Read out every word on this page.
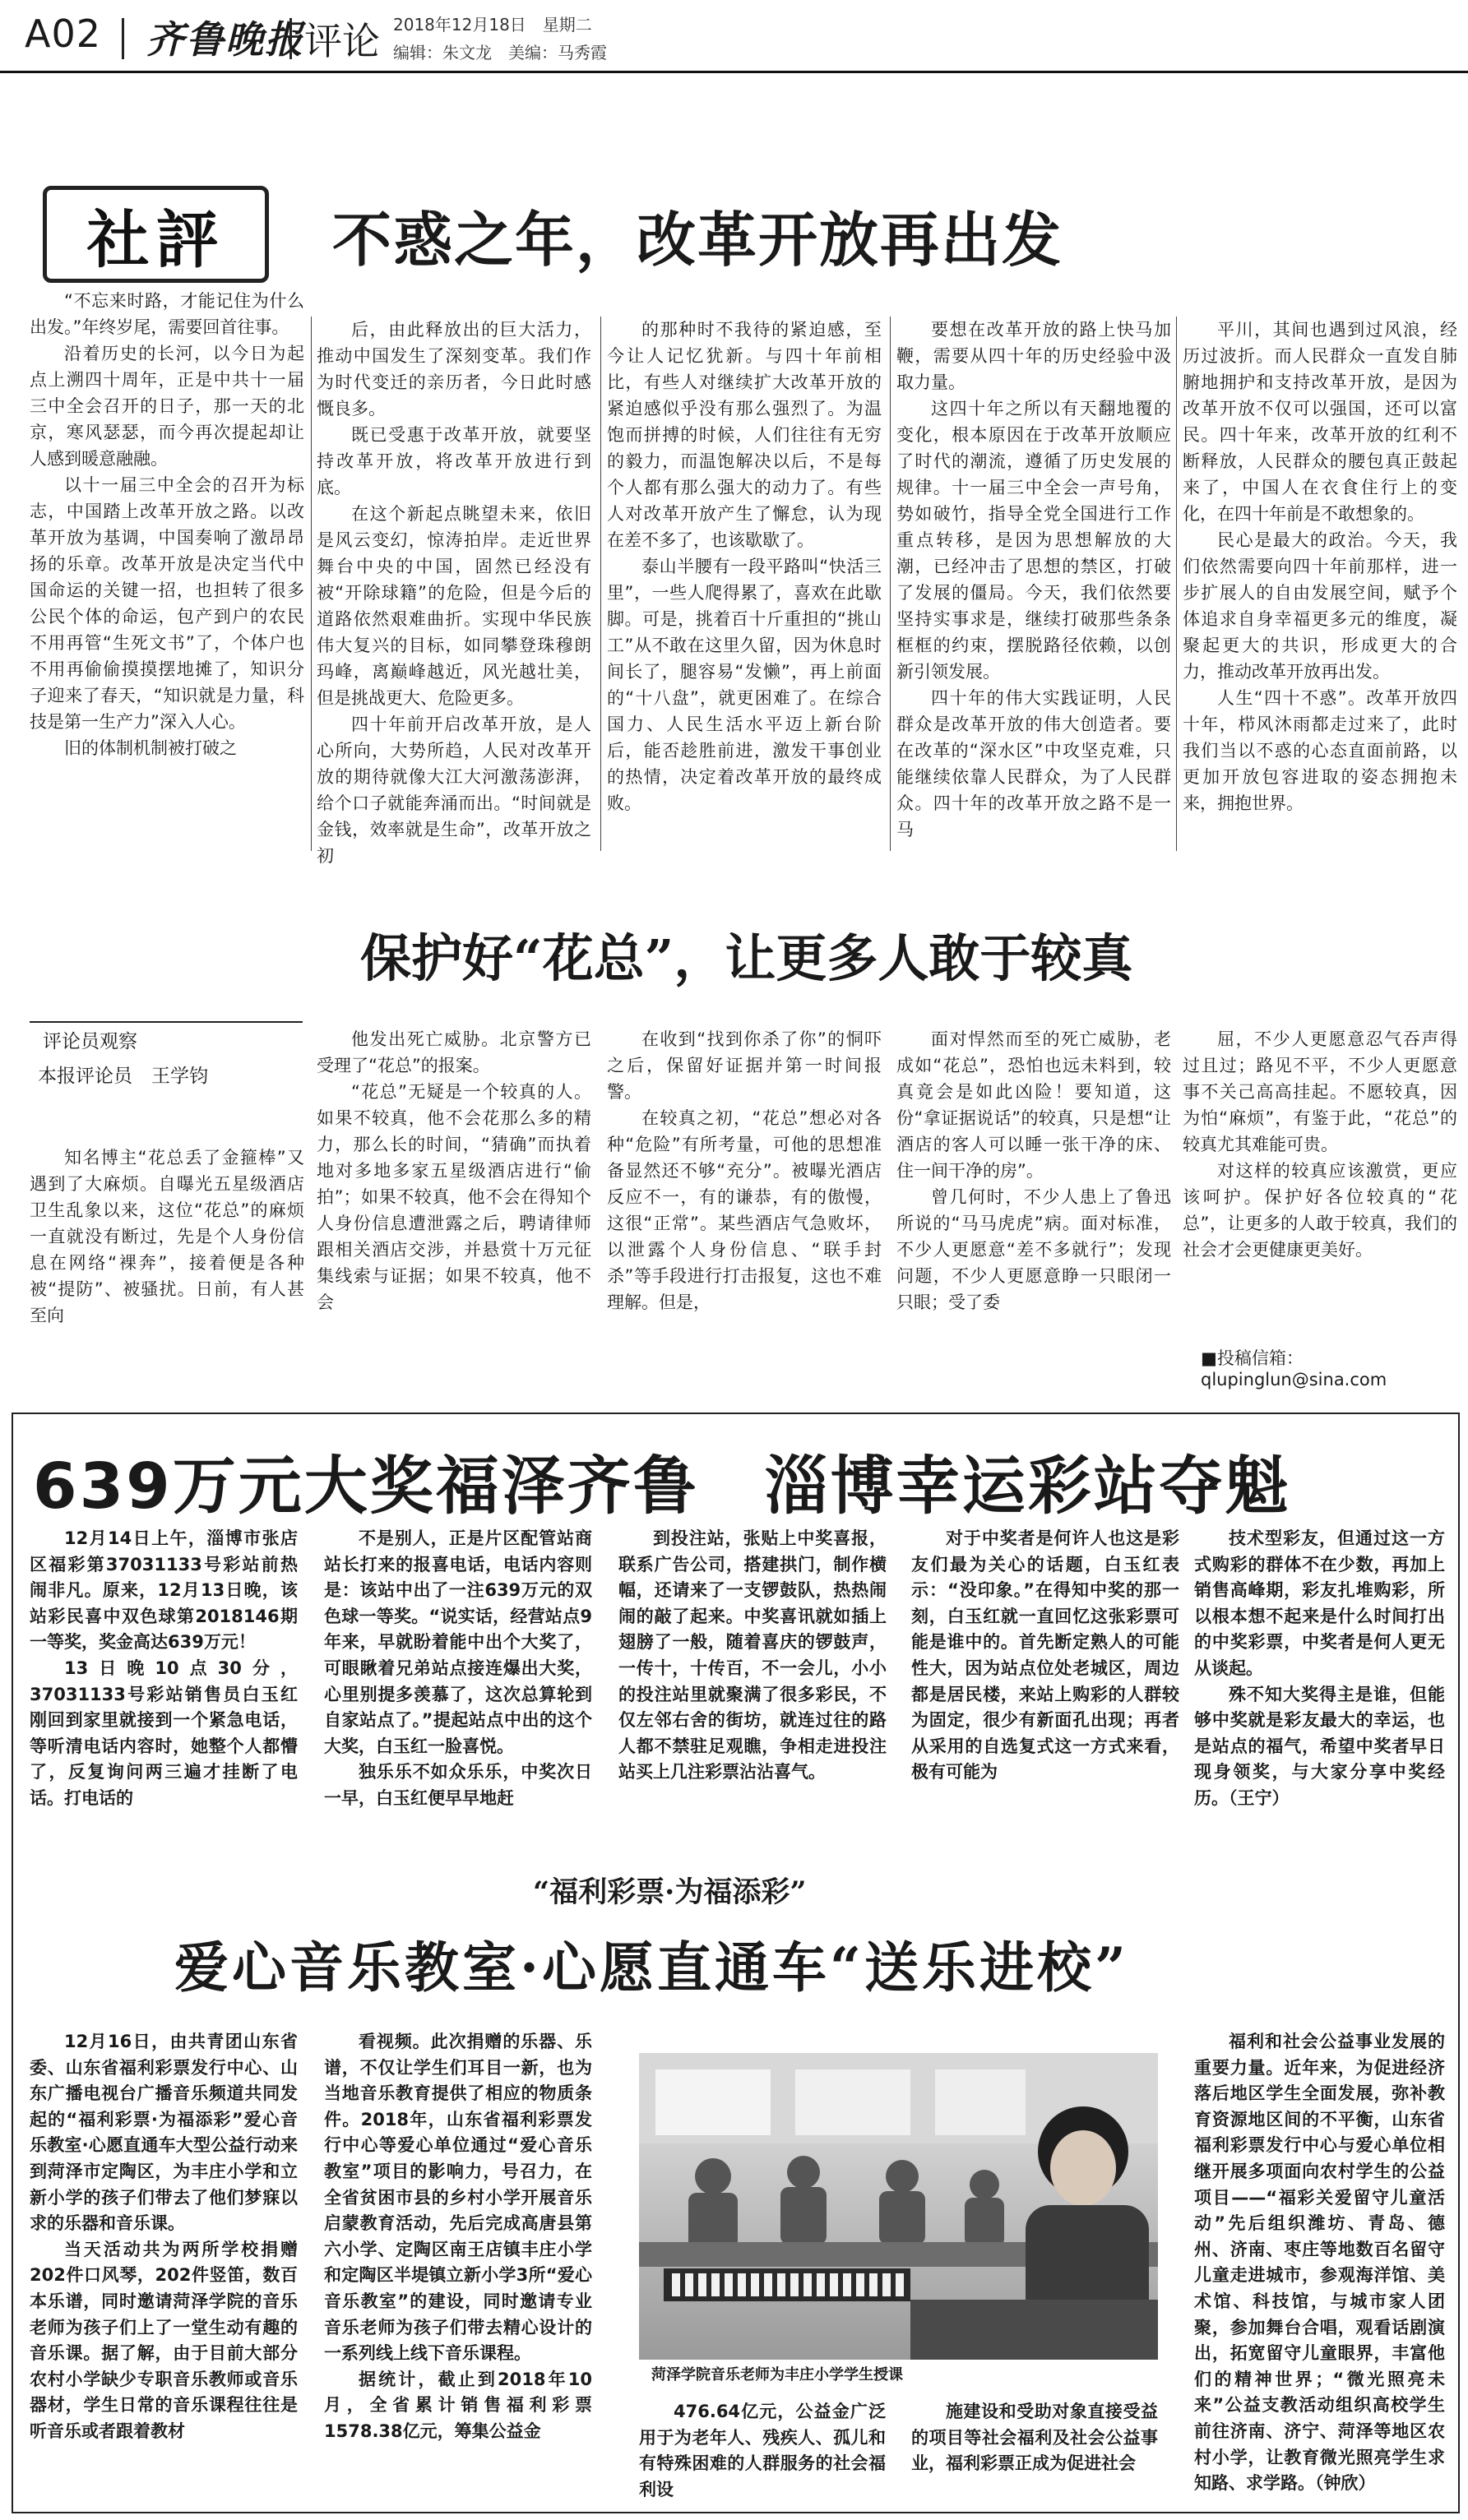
A02 齐鲁晚报 评论 2018年12月18日　星期二
编辑：朱文龙　美编：马秀霞
社評 不惑之年，改革开放再出发

“不忘来时路，才能记住为什么出发。”年终岁尾，需要回首往事。

沿着历史的长河，以今日为起点上溯四十周年，正是中共十一届三中全会召开的日子，那一天的北京，寒风瑟瑟，而今再次提起却让人感到暖意融融。

以十一届三中全会的召开为标志，中国踏上改革开放之路。以改革开放为基调，中国奏响了激昂昂扬的乐章。改革开放是决定当代中国命运的关键一招，也担转了很多公民个体的命运，包产到户的农民不用再管“生死文书”了，个体户也不用再偷偷摸摸摆地摊了，知识分子迎来了春天，“知识就是力量，科技是第一生产力”深入人心。

旧的体制机制被打破之

后，由此释放出的巨大活力，推动中国发生了深刻变革。我们作为时代变迁的亲历者，今日此时感慨良多。

既已受惠于改革开放，就要坚持改革开放，将改革开放进行到底。

在这个新起点眺望未来，依旧是风云变幻，惊涛拍岸。走近世界舞台中央的中国，固然已经没有被“开除球籍”的危险，但是今后的道路依然艰难曲折。实现中华民族伟大复兴的目标，如同攀登珠穆朗玛峰，离巅峰越近，风光越壮美，但是挑战更大、危险更多。

四十年前开启改革开放，是人心所向，大势所趋，人民对改革开放的期待就像大江大河激荡澎湃，给个口子就能奔涌而出。“时间就是金钱，效率就是生命”，改革开放之初

的那种时不我待的紧迫感，至今让人记忆犹新。与四十年前相比，有些人对继续扩大改革开放的紧迫感似乎没有那么强烈了。为温饱而拼搏的时候，人们往往有无穷的毅力，而温饱解决以后，不是每个人都有那么强大的动力了。有些人对改革开放产生了懈怠，认为现在差不多了，也该歇歇了。

泰山半腰有一段平路叫“快活三里”，一些人爬得累了，喜欢在此歇脚。可是，挑着百十斤重担的“挑山工”从不敢在这里久留，因为休息时间长了，腿容易“发懒”，再上前面的“十八盘”，就更困难了。在综合国力、人民生活水平迈上新台阶后，能否趁胜前进，激发干事创业的热情，决定着改革开放的最终成败。

要想在改革开放的路上快马加鞭，需要从四十年的历史经验中汲取力量。

这四十年之所以有天翻地覆的变化，根本原因在于改革开放顺应了时代的潮流，遵循了历史发展的规律。十一届三中全会一声号角，势如破竹，指导全党全国进行工作重点转移，是因为思想解放的大潮，已经冲击了思想的禁区，打破了发展的僵局。今天，我们依然要坚持实事求是，继续打破那些条条框框的约束，摆脱路径依赖，以创新引领发展。

四十年的伟大实践证明，人民群众是改革开放的伟大创造者。要在改革的“深水区”中攻坚克难，只能继续依靠人民群众，为了人民群众。四十年的改革开放之路不是一马

平川，其间也遇到过风浪，经历过波折。而人民群众一直发自肺腑地拥护和支持改革开放，是因为改革开放不仅可以强国，还可以富民。四十年来，改革开放的红利不断释放，人民群众的腰包真正鼓起来了，中国人在衣食住行上的变化，在四十年前是不敢想象的。

民心是最大的政治。今天，我们依然需要向四十年前那样，进一步扩展人的自由发展空间，赋予个体追求自身幸福更多元的维度，凝聚起更大的共识，形成更大的合力，推动改革开放再出发。

人生“四十不惑”。改革开放四十年，栉风沐雨都走过来了，此时我们当以不惑的心态直面前路，以更加开放包容进取的姿态拥抱未来，拥抱世界。

保护好“花总”，让更多人敢于较真
评论员观察
本报评论员　王学钧

知名博主“花总丢了金箍棒”又遇到了大麻烦。自曝光五星级酒店卫生乱象以来，这位“花总”的麻烦一直就没有断过，先是个人身份信息在网络“裸奔”，接着便是各种被“提防”、被骚扰。日前，有人甚至向

他发出死亡威胁。北京警方已受理了“花总”的报案。

“花总”无疑是一个较真的人。如果不较真，他不会花那么多的精力，那么长的时间，“猜确”而执着地对多地多家五星级酒店进行“偷拍”；如果不较真，他不会在得知个人身份信息遭泄露之后，聘请律师跟相关酒店交涉，并悬赏十万元征集线索与证据；如果不较真，他不会

在收到“找到你杀了你”的恫吓之后，保留好证据并第一时间报警。

在较真之初，“花总”想必对各种“危险”有所考量，可他的思想准备显然还不够“充分”。被曝光酒店反应不一，有的谦恭，有的傲慢，这很“正常”。某些酒店气急败坏，以泄露个人身份信息、“联手封杀”等手段进行打击报复，这也不难理解。但是，

面对悍然而至的死亡威胁，老成如“花总”，恐怕也远未料到，较真竟会是如此凶险！要知道，这份“拿证据说话”的较真，只是想“让酒店的客人可以睡一张干净的床、住一间干净的房”。

曾几何时，不少人患上了鲁迅所说的“马马虎虎”病。面对标准，不少人更愿意“差不多就行”；发现问题，不少人更愿意睁一只眼闭一只眼；受了委

屈，不少人更愿意忍气吞声得过且过；路见不平，不少人更愿意事不关己高高挂起。不愿较真，因为怕“麻烦”，有鉴于此，“花总”的较真尤其难能可贵。

对这样的较真应该激赏，更应该呵护。保护好各位较真的“花总”，让更多的人敢于较真，我们的社会才会更健康更美好。

■投稿信箱：qlupinglun@sina.com
639万元大奖福泽齐鲁　淄博幸运彩站夺魁

12月14日上午，淄博市张店区福彩第37031133号彩站前热闹非凡。原来，12月13日晚，该站彩民喜中双色球第2018146期一等奖，奖金高达639万元！

13日晚10点30分，37031133号彩站销售员白玉红刚回到家里就接到一个紧急电话，等听清电话内容时，她整个人都懵了，反复询问两三遍才挂断了电话。打电话的

不是别人，正是片区配管站商站长打来的报喜电话，电话内容则是：该站中出了一注639万元的双色球一等奖。“说实话，经营站点9年来，早就盼着能中出个大奖了，可眼瞅着兄弟站点接连爆出大奖，心里别提多羡慕了，这次总算轮到自家站点了。”提起站点中出的这个大奖，白玉红一脸喜悦。

独乐乐不如众乐乐，中奖次日一早，白玉红便早早地赶

到投注站，张贴上中奖喜报，联系广告公司，搭建拱门，制作横幅，还请来了一支锣鼓队，热热闹闹的敲了起来。中奖喜讯就如插上翅膀了一般，随着喜庆的锣鼓声，一传十，十传百，不一会儿，小小的投注站里就聚满了很多彩民，不仅左邻右舍的街坊，就连过往的路人都不禁驻足观瞧，争相走进投注站买上几注彩票沾沾喜气。

对于中奖者是何许人也这是彩友们最为关心的话题，白玉红表示：“没印象。”在得知中奖的那一刻，白玉红就一直回忆这张彩票可能是谁中的。首先断定熟人的可能性大，因为站点位处老城区，周边都是居民楼，来站上购彩的人群较为固定，很少有新面孔出现；再者从采用的自选复式这一方式来看，极有可能为

技术型彩友，但通过这一方式购彩的群体不在少数，再加上销售高峰期，彩友扎堆购彩，所以根本想不起来是什么时间打出的中奖彩票，中奖者是何人更无从谈起。

殊不知大奖得主是谁，但能够中奖就是彩友最大的幸运，也是站点的福气，希望中奖者早日现身领奖，与大家分享中奖经历。（王宁）

“福利彩票·为福添彩”
爱心音乐教室·心愿直通车“送乐进校”

12月16日，由共青团山东省委、山东省福利彩票发行中心、山东广播电视台广播音乐频道共同发起的“福利彩票·为福添彩”爱心音乐教室·心愿直通车大型公益行动来到菏泽市定陶区，为丰庄小学和立新小学的孩子们带去了他们梦寐以求的乐器和音乐课。

当天活动共为两所学校捐赠202件口风琴，202件竖笛，数百本乐谱，同时邀请菏泽学院的音乐老师为孩子们上了一堂生动有趣的音乐课。据了解，由于目前大部分农村小学缺少专职音乐教师或音乐器材，学生日常的音乐课程往往是听音乐或者跟着教材

看视频。此次捐赠的乐器、乐谱，不仅让学生们耳目一新，也为当地音乐教育提供了相应的物质条件。2018年，山东省福利彩票发行中心等爱心单位通过“爱心音乐教室”项目的影响力，号召力，在全省贫困市县的乡村小学开展音乐启蒙教育活动，先后完成高唐县第六小学、定陶区南王店镇丰庄小学和定陶区半堤镇立新小学3所“爱心音乐教室”的建设，同时邀请专业音乐老师为孩子们带去精心设计的一系列线上线下音乐课程。

据统计，截止到2018年10月，全省累计销售福利彩票1578.38亿元，筹集公益金

476.64亿元，公益金广泛用于为老年人、残疾人、孤儿和有特殊困难的人群服务的社会福利设

施建设和受助对象直接受益的项目等社会福利及社会公益事业，福利彩票正成为促进社会

福利和社会公益事业发展的重要力量。近年来，为促进经济落后地区学生全面发展，弥补教育资源地区间的不平衡，山东省福利彩票发行中心与爱心单位相继开展多项面向农村学生的公益项目——“福彩关爱留守儿童活动”先后组织潍坊、青岛、德州、济南、枣庄等地数百名留守儿童走进城市，参观海洋馆、美术馆、科技馆，与城市家人团聚，参加舞台合唱，观看话剧演出，拓宽留守儿童眼界，丰富他们的精神世界；“微光照亮未来”公益支教活动组织高校学生前往济南、济宁、菏泽等地区农村小学，让教育微光照亮学生求知路、求学路。（钟欣）

菏泽学院音乐老师为丰庄小学学生授课
